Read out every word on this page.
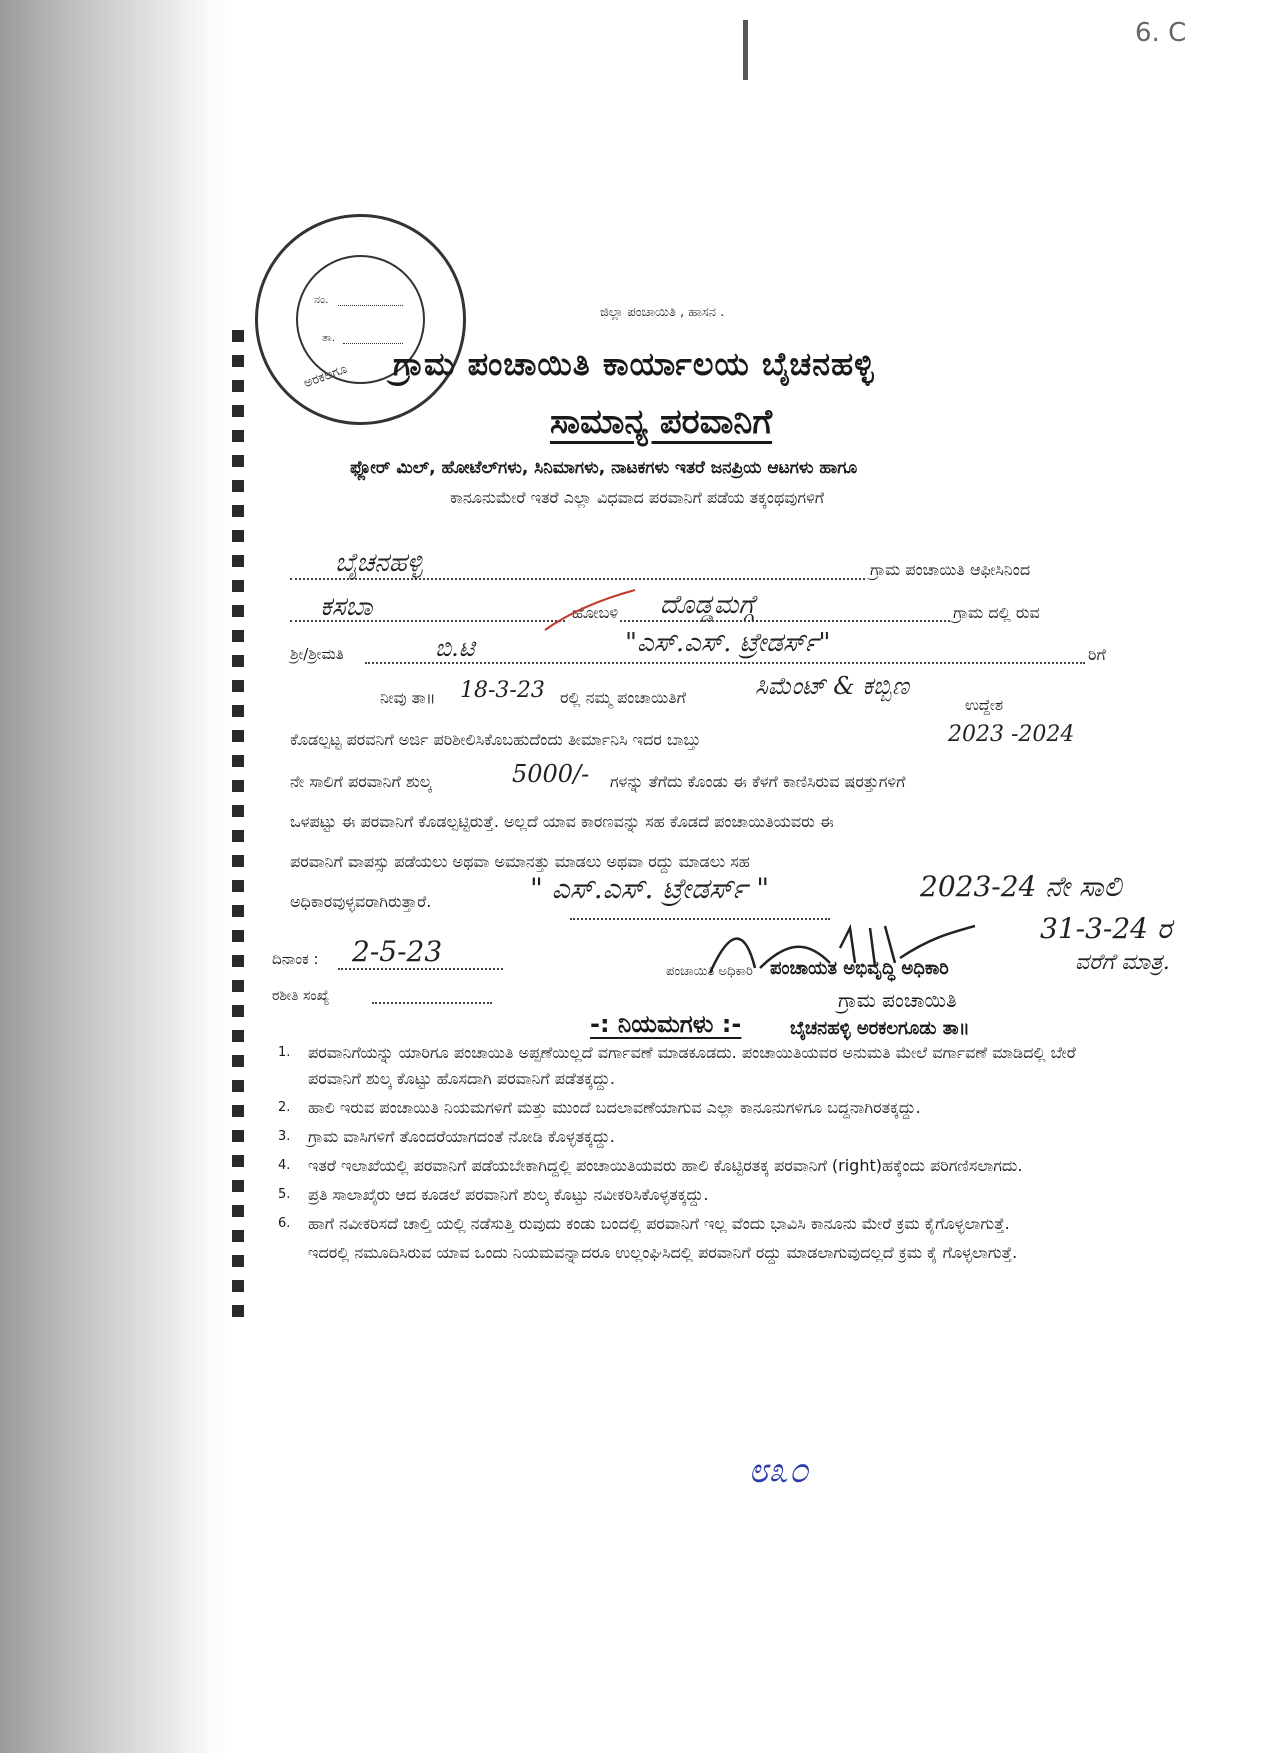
6. C
ನಂ.
ತಾ.
ಅರಕಲಗೂ
ಜಿಲ್ಲಾ ಪಂಚಾಯಿತಿ , ಹಾಸನ .
ಗ್ರಾಮ ಪಂಚಾಯಿತಿ ಕಾರ್ಯಾಲಯ ಬೈಚನಹಳ್ಳಿ
ಸಾಮಾನ್ಯ ಪರವಾನಿಗೆ
ಫ್ಲೋರ್ ಮಿಲ್, ಹೋಟೆಲ್‌ಗಳು, ಸಿನಿಮಾಗಳು, ನಾಟಕಗಳು ಇತರೆ ಜನಪ್ರಿಯ ಆಟಗಳು ಹಾಗೂ
ಕಾನೂನುಮೇರೆ ಇತರೆ ಎಲ್ಲಾ ವಿಧವಾದ ಪರವಾನಿಗೆ ಪಡೆಯ ತಕ್ಕಂಥವುಗಳಿಗೆ
ಬೈಚನಹಳ್ಳಿ	ಗ್ರಾಮ ಪಂಚಾಯಿತಿ ಆಫೀಸಿನಿಂದ
ಕಸಬಾ	ಹೋಬಳಿ ದೊಡ್ಡಮಗ್ಗೆ	ಗ್ರಾಮ ದಲ್ಲಿ ರುವ
ಶ್ರೀ/ಶ್ರೀಮತಿ	ಬಿ.ಟಿ	"ಎಸ್.ಎಸ್. ಟ್ರೇಡರ್ಸ್"	ರಿಗೆ
ನೀವು ತಾ॥ 18-3-23 ರಲ್ಲಿ ನಮ್ಮ ಪಂಚಾಯಿತಿಗೆ	ಸಿಮೆಂಟ್ & ಕಬ್ಬಿಣ
ಉದ್ದೇಶ
ಕೊಡಲ್ಪಟ್ಟ ಪರವನಿಗೆ ಅರ್ಜಿ ಪರಿಶೀಲಿಸಿಕೊಬಹುದೆಂದು ತೀರ್ಮಾನಿಸಿ ಇದರ ಬಾಬ್ತು	2023 -2024
ನೇ ಸಾಲಿಗೆ ಪರವಾನಿಗೆ ಶುಲ್ಕ	5000/- ಗಳನ್ನು ತೆಗೆದು ಕೊಂಡು ಈ ಕೆಳಗೆ ಕಾಣಿಸಿರುವ ಷರತ್ತುಗಳಿಗೆ
ಒಳಪಟ್ಟು ಈ ಪರವಾನಿಗೆ ಕೊಡಲ್ಪಟ್ಟಿರುತ್ತೆ. ಅಲ್ಲದೆ ಯಾವ ಕಾರಣವನ್ನು ಸಹ ಕೊಡದೆ ಪಂಚಾಯಿತಿಯವರು ಈ
ಪರವಾನಿಗೆ ವಾಪಸ್ಸು ಪಡೆಯಲು ಅಥವಾ ಅಮಾನತ್ತು ಮಾಡಲು ಅಥವಾ ರದ್ದು ಮಾಡಲು ಸಹ
ಅಧಿಕಾರವುಳ್ಳವರಾಗಿರುತ್ತಾರೆ.	" ಎಸ್.ಎಸ್. ಟ್ರೇಡರ್ಸ್ "	2023-24 ನೇ ಸಾಲಿ
31-3-24 ರ
ವರೆಗೆ ಮಾತ್ರ.
ದಿನಾಂಕ : 2-5-23
ರಶೀತಿ ಸಂಖ್ಯೆ
ಪಂಚಾಯಿತಿ ಅಧಿಕಾರಿ ಪಂಚಾಯತ ಅಭಿವೃದ್ಧಿ ಅಧಿಕಾರಿ
ಗ್ರಾಮ ಪಂಚಾಯಿತಿ
ಬೈಚನಹಳ್ಳಿ ಅರಕಲಗೂಡು ತಾ॥
-: ನಿಯಮಗಳು :-
1.	ಪರವಾನಿಗೆಯನ್ನು ಯಾರಿಗೂ ಪಂಚಾಯಿತಿ ಅಪ್ಪಣೆಯಿಲ್ಲದೆ ವರ್ಗಾವಣೆ ಮಾಡಕೂಡದು. ಪಂಚಾಯಿತಿಯವರ ಅನುಮತಿ ಮೇಲೆ ವರ್ಗಾವಣೆ ಮಾಡಿದಲ್ಲಿ ಬೇರೆ ಪರವಾನಿಗೆ ಶುಲ್ಕ ಕೊಟ್ಟು ಹೊಸದಾಗಿ ಪರವಾನಿಗೆ ಪಡೆತಕ್ಕದ್ದು.
2.	ಹಾಲಿ ಇರುವ ಪಂಚಾಯಿತಿ ನಿಯಮಗಳಿಗೆ ಮತ್ತು ಮುಂದೆ ಬದಲಾವಣೆಯಾಗುವ ಎಲ್ಲಾ ಕಾನೂನುಗಳಿಗೂ ಬದ್ದನಾಗಿರತಕ್ಕದ್ದು.
3.	ಗ್ರಾಮ ವಾಸಿಗಳಿಗೆ ತೊಂದರೆಯಾಗದಂತೆ ನೋಡಿ ಕೊಳ್ಳತಕ್ಕದ್ದು.
4.	ಇತರೆ ಇಲಾಖೆಯಲ್ಲಿ ಪರವಾನಿಗೆ ಪಡೆಯಬೇಕಾಗಿದ್ದಲ್ಲಿ ಪಂಚಾಯಿತಿಯವರು ಹಾಲಿ ಕೊಟ್ಟಿರತಕ್ಕ ಪರವಾನಿಗೆ (right)ಹಕ್ಕೆಂದು ಪರಿಗಣಿಸಲಾಗದು.
5.	ಪ್ರತಿ ಸಾಲಾಖೈರು ಆದ ಕೂಡಲೆ ಪರವಾನಿಗೆ ಶುಲ್ಕ ಕೊಟ್ಟು ನವೀಕರಿಸಿಕೊಳ್ಳತಕ್ಕದ್ದು.
6.	ಹಾಗೆ ನವೀಕರಿಸದೆ ಚಾಲ್ತಿ ಯಲ್ಲಿ ನಡೆಸುತ್ತಿ ರುವುದು ಕಂಡು ಬಂದಲ್ಲಿ ಪರವಾನಿಗೆ ಇಲ್ಲ ವೆಂದು ಭಾವಿಸಿ ಕಾನೂನು ಮೇರೆ ಕ್ರಮ ಕೈಗೊಳ್ಳಲಾಗುತ್ತೆ.
ಇದರಲ್ಲಿ ನಮೂದಿಸಿರುವ ಯಾವ ಒಂದು ನಿಯಮವನ್ನಾದರೂ ಉಲ್ಲಂಘಿಸಿದಲ್ಲಿ ಪರವಾನಿಗೆ ರದ್ದು ಮಾಡಲಾಗುವುದಲ್ಲದೆ ಕ್ರಮ ಕೈ ಗೊಳ್ಳಲಾಗುತ್ತೆ.
೮೩೦
